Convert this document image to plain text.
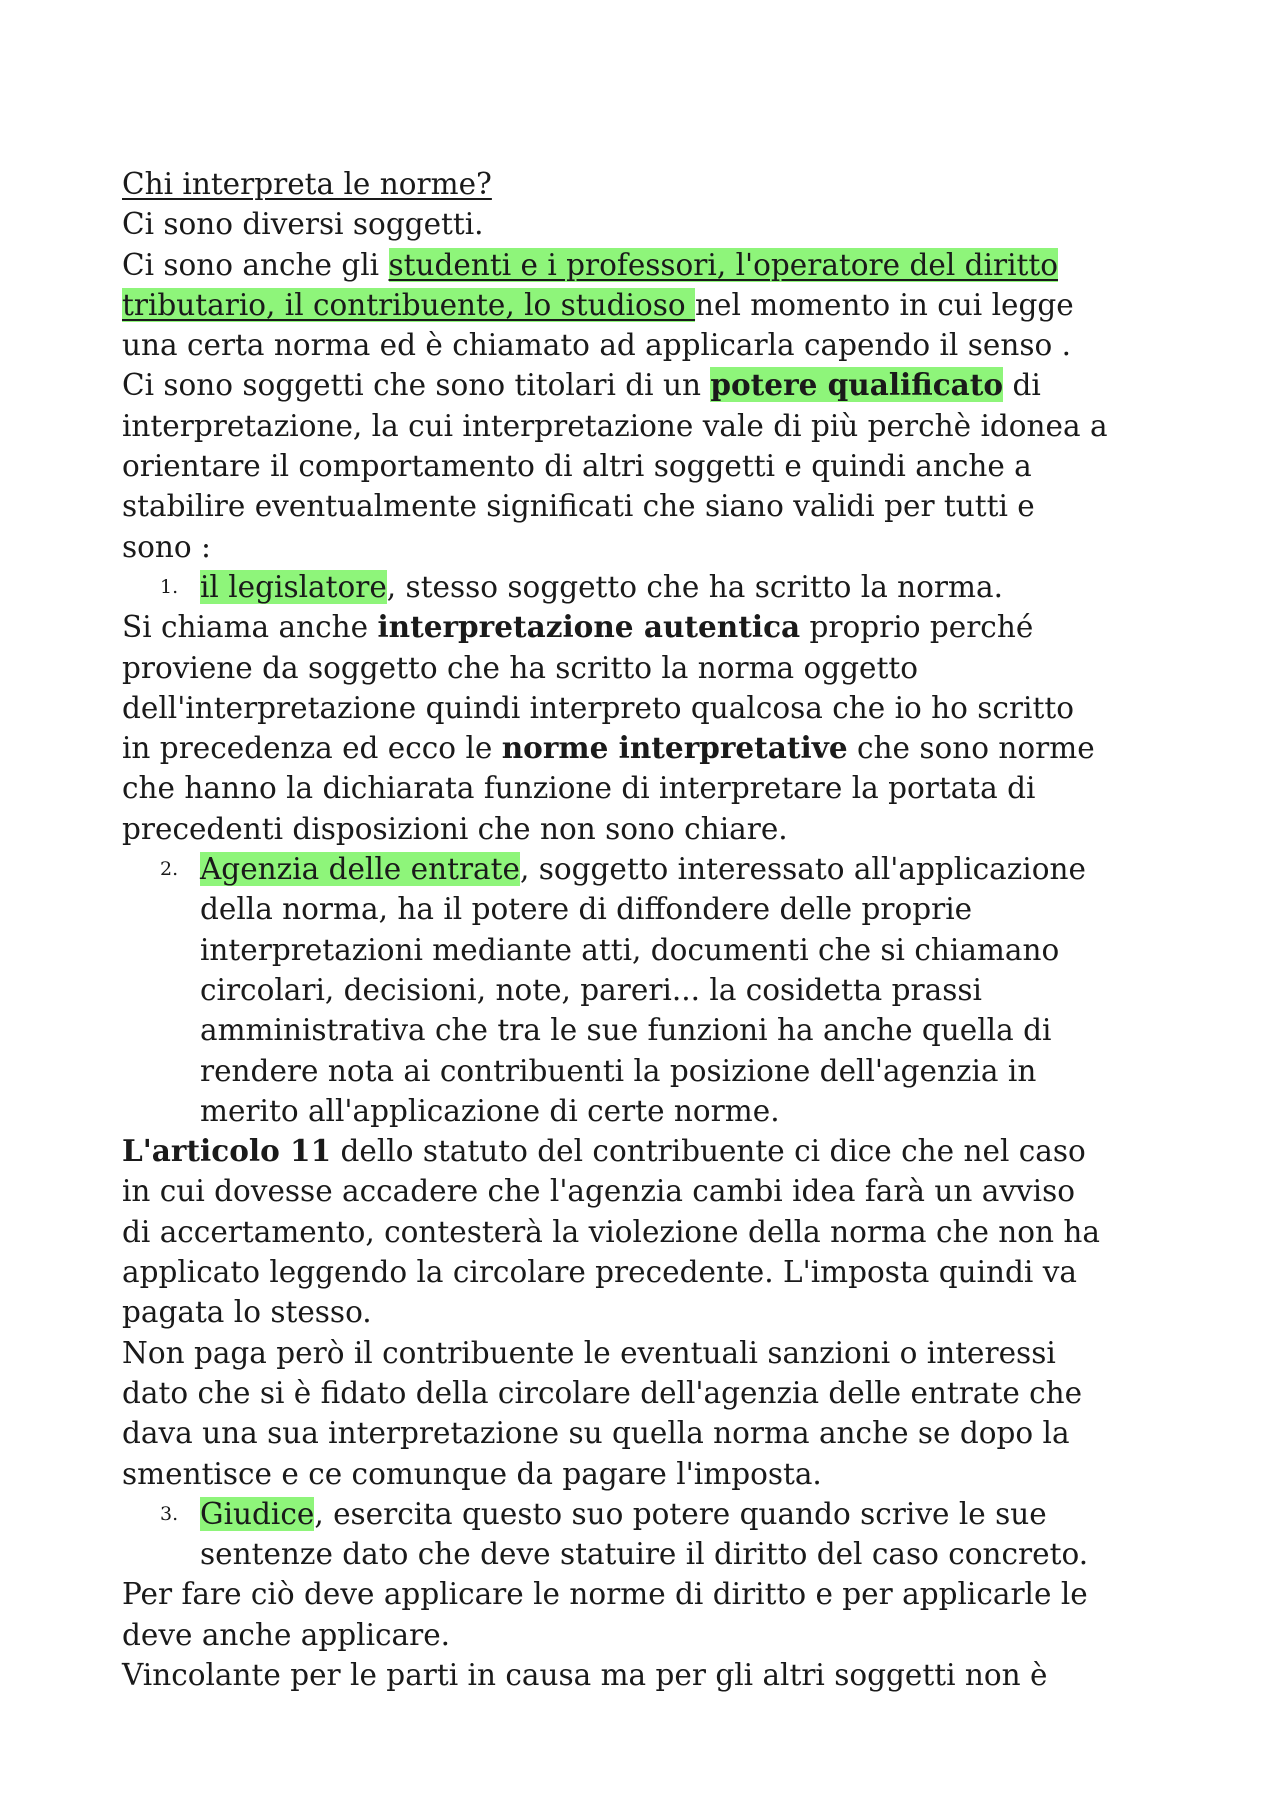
Chi interpreta le norme?
Ci sono diversi soggetti.
Ci sono anche gli studenti e i professori, l'operatore del diritto
tributario, il contribuente, lo studioso nel momento in cui legge
una certa norma ed è chiamato ad applicarla capendo il senso .
Ci sono soggetti che sono titolari di un potere qualificato di
interpretazione, la cui interpretazione vale di più perchè idonea a
orientare il comportamento di altri soggetti e quindi anche a
stabilire eventualmente significati che siano validi per tutti e
sono :
1. il legislatore, stesso soggetto che ha scritto la norma.
Si chiama anche interpretazione autentica proprio perché
proviene da soggetto che ha scritto la norma oggetto
dell'interpretazione quindi interpreto qualcosa che io ho scritto
in precedenza ed ecco le norme interpretative che sono norme
che hanno la dichiarata funzione di interpretare la portata di
precedenti disposizioni che non sono chiare.
2. Agenzia delle entrate, soggetto interessato all'applicazione
della norma, ha il potere di diffondere delle proprie
interpretazioni mediante atti, documenti che si chiamano
circolari, decisioni, note, pareri... la cosidetta prassi
amministrativa che tra le sue funzioni ha anche quella di
rendere nota ai contribuenti la posizione dell'agenzia in
merito all'applicazione di certe norme.
L'articolo 11 dello statuto del contribuente ci dice che nel caso
in cui dovesse accadere che l'agenzia cambi idea farà un avviso
di accertamento, contesterà la violezione della norma che non ha
applicato leggendo la circolare precedente. L'imposta quindi va
pagata lo stesso.
Non paga però il contribuente le eventuali sanzioni o interessi
dato che si è fidato della circolare dell'agenzia delle entrate che
dava una sua interpretazione su quella norma anche se dopo la
smentisce e ce comunque da pagare l'imposta.
3. Giudice, esercita questo suo potere quando scrive le sue
sentenze dato che deve statuire il diritto del caso concreto.
Per fare ciò deve applicare le norme di diritto e per applicarle le
deve anche applicare.
Vincolante per le parti in causa ma per gli altri soggetti non è
